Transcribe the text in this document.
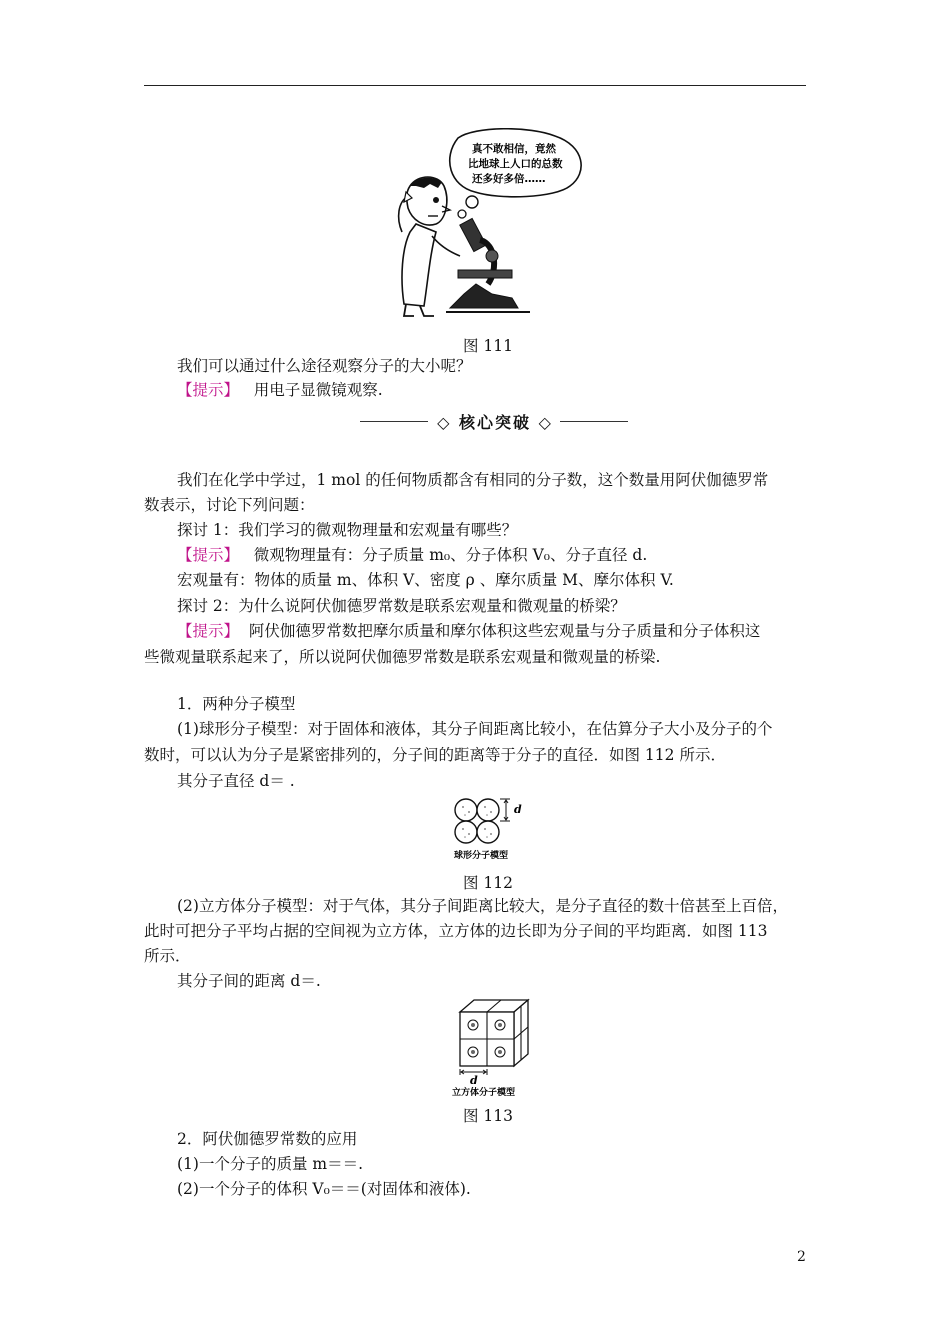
真不敢相信，竟然
比地球上人口的总数
还多好多倍……
图 111
我们可以通过什么途径观察分子的大小呢？
【提示】 用电子显微镜观察.
◇ 核心突破 ◇
我们在化学中学过，1 mol 的任何物质都含有相同的分子数，这个数量用阿伏伽德罗常
数表示，讨论下列问题：
探讨 1：我们学习的微观物理量和宏观量有哪些？
【提示】 微观物理量有：分子质量 m₀、分子体积 V₀、分子直径 d.
宏观量有：物体的质量 m、体积 V、密度 ρ 、摩尔质量 M、摩尔体积 V.
探讨 2：为什么说阿伏伽德罗常数是联系宏观量和微观量的桥梁？
【提示】 阿伏伽德罗常数把摩尔质量和摩尔体积这些宏观量与分子质量和分子体积这
些微观量联系起来了，所以说阿伏伽德罗常数是联系宏观量和微观量的桥梁.
1．两种分子模型
(1)球形分子模型：对于固体和液体，其分子间距离比较小，在估算分子大小及分子的个
数时，可以认为分子是紧密排列的，分子间的距离等于分子的直径．如图 112 所示．
其分子直径 d＝ .
d
球形分子模型
图 112
(2)立方体分子模型：对于气体，其分子间距离比较大，是分子直径的数十倍甚至上百倍，
此时可把分子平均占据的空间视为立方体，立方体的边长即为分子间的平均距离．如图 113
所示．
其分子间的距离 d＝.
d
立方体分子模型
图 113
2．阿伏伽德罗常数的应用
(1)一个分子的质量 m＝＝.
(2)一个分子的体积 V₀＝＝(对固体和液体).
2
